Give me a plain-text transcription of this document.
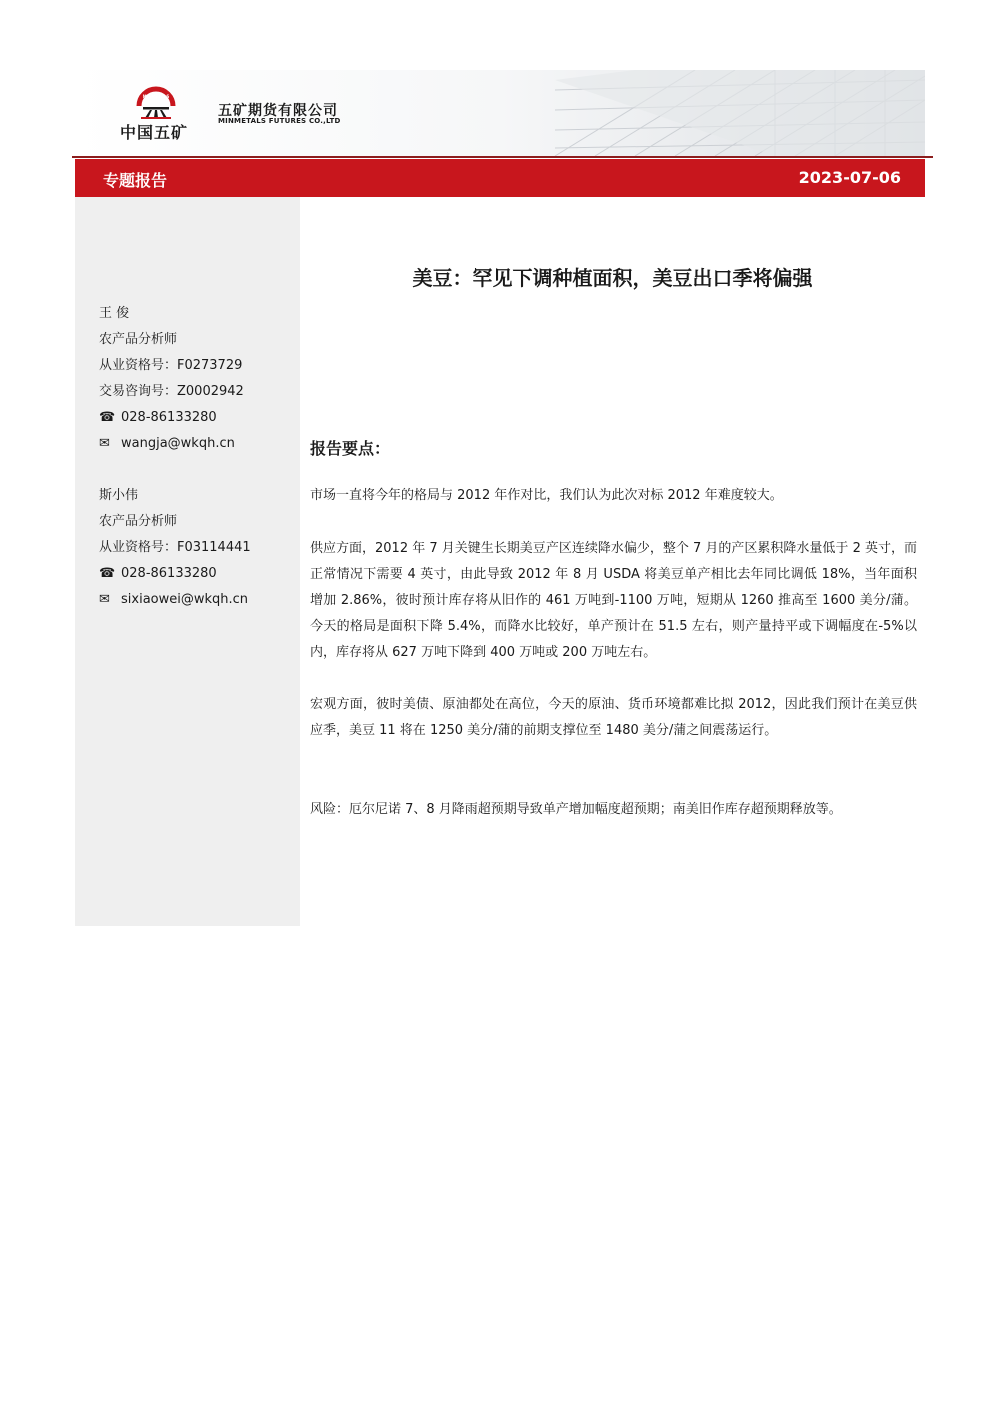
MINMETALS
中国五矿
五矿期货有限公司
MINMETALS FUTURES CO.,LTD
专题报告	2023-07-06
王 俊
农产品分析师
从业资格号：F0273729
交易咨询号：Z0002942
☎ 028-86133280
✉ wangja@wkqh.cn
斯小伟
农产品分析师
从业资格号：F03114441
☎ 028-86133280
✉ sixiaowei@wkqh.cn
美豆：罕见下调种植面积，美豆出口季将偏强
报告要点：

市场一直将今年的格局与 2012 年作对比，我们认为此次对标 2012 年难度较大。

供应方面，2012 年 7 月关键生长期美豆产区连续降水偏少，整个 7 月的产区累积降水量低于 2 英寸，而正常情况下需要 4 英寸，由此导致 2012 年 8 月 USDA 将美豆单产相比去年同比调低 18%，当年面积增加 2.86%，彼时预计库存将从旧作的 461 万吨到-1100 万吨，短期从 1260 推高至 1600 美分/蒲。今天的格局是面积下降 5.4%，而降水比较好，单产预计在 51.5 左右，则产量持平或下调幅度在-5%以内，库存将从 627 万吨下降到 400 万吨或 200 万吨左右。

宏观方面，彼时美债、原油都处在高位，今天的原油、货币环境都难比拟 2012，因此我们预计在美豆供应季，美豆 11 将在 1250 美分/蒲的前期支撑位至 1480 美分/蒲之间震荡运行。

风险：厄尔尼诺 7、8 月降雨超预期导致单产增加幅度超预期；南美旧作库存超预期释放等。
